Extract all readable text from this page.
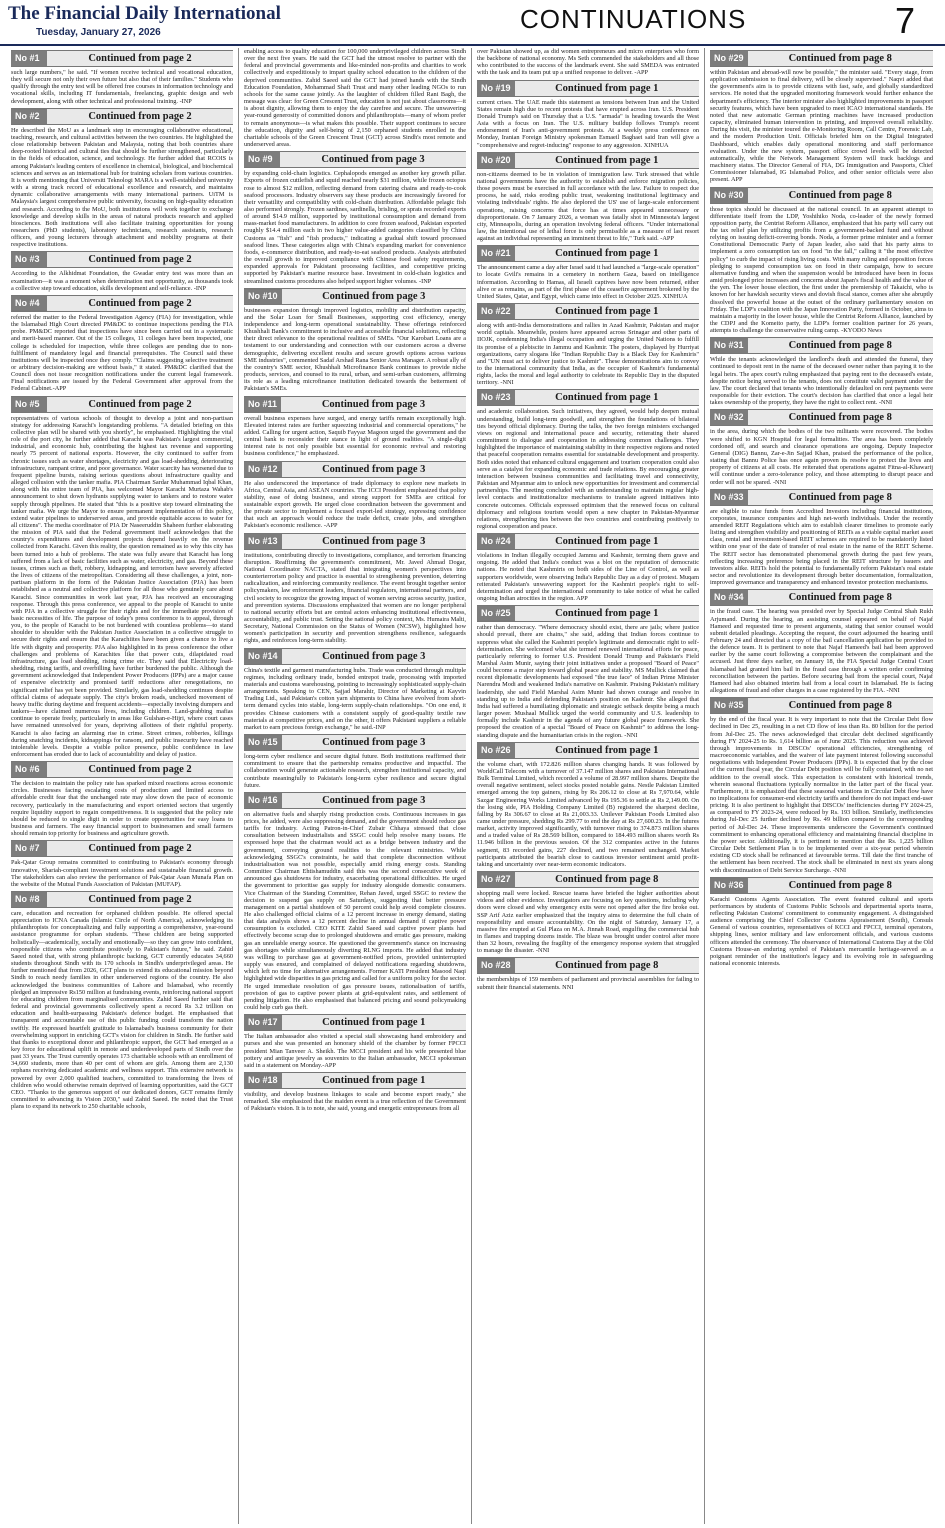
The Financial Daily International
Tuesday, January 27, 2026	CONTINUATIONS	7
No #1	Continued from page 2
such large numbers," he said. "If women receive technical and vocational education, they will secure not only their own future but also that of their families." Students who qualify through the entry test will be offered free courses in information technology and vocational skills, including IT fundamentals, freelancing, graphic design and web development, along with other technical and professional training. -INP
No #2	Continued from page 2
He described the MoU as a landmark step in encouraging collaborative educational, teaching, research, and cultural activities between the two countries. He highlighted the close relationship between Pakistan and Malaysia, noting that both countries share deep-rooted historical and cultural ties that should be further strengthened, particularly in the fields of education, science, and technology. He further added that RCOIS is among Pakistan's leading centers of excellence in chemical, biological, and biochemical sciences and serves as an international hub for training scholars from various countries. It is worth mentioning that Universiti Teknologi MARA is a well-established university with a strong track record of educational excellence and research, and maintains dynamic collaborative arrangements with many international partners. UiTM is Malaysia's largest comprehensive public university, focusing on high-quality education and research. According to the MoU, both institutions will work together to exchange knowledge and develop skills in the areas of natural products research and applied biosciences. Both institutions will also facilitate training opportunities for young researchers (PhD students), laboratory technicians, research assistants, research officers, and young lecturers through attachment and mobility programs at their respective institutions.
No #3	Continued from page 2
According to the Alkhidmat Foundation, the Gwadar entry test was more than an examination—it was a moment when determination met opportunity, as thousands took a collective step toward education, skills development and self-reliance. -INP
No #4	Continued from page 2
referred the matter to the Federal Investigation Agency (FIA) for investigation, while the Islamabad High Court directed PM&DC to continue inspections pending the FIA probe. PM&DC reported that inspections have since been carried out in a systematic and merit-based manner. Out of the 15 colleges, 11 colleges have been inspected, one college is scheduled for inspection, while three colleges are pending due to non-fulfillment of mandatory legal and financial prerequisites. The Council said these institutions will be inspected once they comply. "Claims suggesting selective treatment or arbitrary decision-making are without basis," it stated. PM&DC clarified that the Council does not issue recognition notifications under the current legal framework. Final notifications are issued by the Federal Government after approval from the Federal Cabinet.-APP
No #5	Continued from page 2
representatives of various schools of thought to develop a joint and non-partisan strategy for addressing Karachi's longstanding problems. "A detailed briefing on this collective plan will be shared with you shortly", he emphasised. Highlighting the vital role of the port city, he further added that Karachi was Pakistan's largest commercial, industrial, and economic hub, contributing the highest tax revenue and supporting nearly 75 percent of national exports. However, the city continued to suffer from chronic issues such as water shortages, electricity and gas load-shedding, deteriorating infrastructure, rampant crime, and poor governance. Water scarcity has worsened due to frequent pipeline bursts, raising serious questions about infrastructure quality and alleged collusion with the tanker mafia. PIA Chairman Sardar Muhammad Iqbal Khan, along with his entire team of PIA, has welcomed Mayor Karachi Murtaza Wahab's announcement to shut down hydrants supplying water to tankers and to restore water supply through pipelines. He stated that "this is a positive step toward eliminating the tanker mafia. We urge the Mayor to ensure permanent implementation of this policy, extend water pipelines to underserved areas, and provide equitable access to water for all citizens". The media coordinator of PIA Dr Naseeruddin Shaheen further elaborating the mission of PIA said that the Federal government itself acknowledges that the country's expenditures and development projects depend heavily on the revenue collected from Karachi. Given this reality, the question remained as to why this city has been turned into a hub of problems. The state was fully aware that Karachi has long suffered from a lack of basic facilities such as water, electricity, and gas. Beyond these issues, crimes such as theft, robbery, kidnapping, and terrorism have severely affected the lives of citizens of the metropolitan. Considering all these challenges, a joint, non-partisan platform in the form of the Pakistan Justice Association (PJA) has been established as a neutral and collective platform for all those who genuinely care about Karachi. Since communities in work last year, PJA has received an encouraging response. Through this press conference, we appeal to the people of Karachi to unite with PJA in a collective struggle for their rights and for the immediate provision of basic necessities of life. The purpose of today's press conference is to appeal, through you, to the people of Karachi to be not burdened with countless problems—to stand shoulder to shoulder with the Pakistan Justice Association in a collective struggle to secure their rights and ensure that the Karachiites have been given a chance to live a life with dignity and prosperity. PJA also highlighted in its press conference the other challenges and problems of Karachites like that power cuts, dilapidated road infrastructure, gas load shedding, rising crime etc. They said that Electricity load-shedding, rising tariffs, and overbilling have further burdened the public. Although the government acknowledged that Independent Power Producers (IPPs) are a major cause of expensive electricity and promised tariff reductions after renegotiations, no significant relief has yet been provided. Similarly, gas load-shedding continues despite official claims of adequate supply. The city's broken roads, unchecked movement of heavy traffic during daytime and frequent accidents—especially involving dumpers and tankers—have claimed numerous lives, including children. Land-grabbing mafias continue to operate freely, particularly in areas like Gulshan-e-Hijri, where court cases have remained unresolved for years, depriving allottees of their rightful property. Karachi is also facing an alarming rise in crime. Street crimes, robberies, killings during snatching incidents, kidnappings for ransom, and public insecurity have reached intolerable levels. Despite a visible police presence, public confidence in law enforcement has eroded due to lack of accountability and delay of justice.
No #6	Continued from page 2
The decision to maintain the policy rate has sparked mixed reactions across economic circles. Businesses facing escalating costs of production and limited access to affordable credit fear that the unchanged rate may slow down the pace of economic recovery, particularly in the manufacturing and export oriented sectors that urgently require liquidity support to regain competitiveness. It is suggested that the policy rate should be reduced to single digit in order to create opportunities for easy loans to business and farmers. The easy financial support to businessmen and small farmers should remain top priority for business and agriculture growth.
No #7	Continued from page 2
Pak-Qatar Group remains committed to contributing to Pakistan's economy through innovative, Shariah-compliant investment solutions and sustainable financial growth. The stakeholders can also review the performance of Pak-Qatar Asan Munafa Plan on the website of the Mutual Funds Association of Pakistan (MUFAP).
No #8	Continued from page 2
care, education and recreation for orphaned children possible. He offered special appreciation to ICNA Canada (Islamic Circle of North America), acknowledging its philanthropists for conceptualizing and fully supporting a comprehensive, year-round assistance programme for orphan students. "These children are being supported holistically—academically, socially and emotionally—so they can grow into confident, responsible citizens who contribute positively to Pakistan's future," he said. Zahid Saeed noted that, with strong philanthropic backing, GCT currently educates 34,660 students throughout Sindh with its 170 schools in Sindh's underprivileged areas. He further mentioned that from 2026, GCT plans to extend its educational mission beyond Sindh to reach needy families in other underserved regions of the country. He also acknowledged the business communities of Lahore and Islamabad, who recently pledged an impressive Rs150 million at fundraising events, reinforcing national support for educating children from marginalised communities. Zahid Saeed further said that federal and provincial governments collectively spent a record Rs 3.2 trillion on education and health-surpassing Pakistan's defence budget. He emphasised that transparent and accountable use of this public funding could transform the nation swiftly. He expressed heartfelt gratitude to Islamabad's business community for their overwhelming support in enriching GCT's vision for children in Sindh. He further said that thanks to exceptional donor and philanthropic support, the GCT had emerged as a key force for educational uplift in remote and underdeveloped parts of Sindh over the past 33 years. The Trust currently operates 173 charitable schools with an enrollment of 34,660 students, more than 40 per cent of whom are girls. Among them are 2,130 orphans receiving dedicated academic and wellness support. This extensive network is powered by over 2,000 qualified teachers, committed to transforming the lives of children who would otherwise remain deprived of learning opportunities, said the GCT CEO. "Thanks to the generous support of our dedicated donors, GCT remains firmly committed to advancing its Vision 2030," said Zahid Saeed. He noted that the Trust plans to expand its network to 250 charitable schools,
enabling access to quality education for 100,000 underprivileged children across Sindh over the next five years. He said the GCT had the utmost resolve to partner with the federal and provincial governments and like-minded non-profits and charities to work collectively and expeditiously to impart quality school education to the children of the deprived communities. Zahid Saeed said the GCT had joined hands with the Sindh Education Foundation, Mohammad Shafi Trust and many other leading NGOs to run schools for the same cause jointly. As the laughter of children filled Rani Bagh, the message was clear: for Green Crescent Trust, education is not just about classrooms—it is about dignity, allowing them to enjoy the day carefree and secure. The unwavering year-round generosity of committed donors and philanthropists—many of whom prefer to remain anonymous—is what makes this possible. Their support continues to secure the education, dignity and self-being of 2,150 orphaned students enrolled in the charitable schools of the Green Crescent Trust (GCT) across Sindh's most remote and underserved areas.
No #9	Continued from page 3
by expanding cold-chain logistics. Cephalopods emerged as another key growth pillar. Exports of frozen cuttlefish and squid reached nearly $31 million, while frozen octopus rose to almost $12 million, reflecting demand from catering chains and ready-to-cook seafood processors. Industry observers say these products are increasingly favored for their versatility and compatibility with cold-chain distribution. Affordable pelagic fish also performed strongly. Frozen sardines, sardinella, brisling, or sprats recorded exports of around $14.9 million, supported by institutional consumption and demand from mass-market food manufacturers. In addition to core frozen seafood, Pakistan exported roughly $14.4 million each in two higher value-added categories classified by China Customs as "fish" and "fish products," indicating a gradual shift toward processed seafood lines. These categories align with China's expanding market for convenience foods, e-commerce distribution, and ready-to-eat seafood products. Analysts attributed the overall growth to improved compliance with Chinese food safety requirements, expanded approvals for Pakistani processing facilities, and competitive pricing supported by Pakistan's marine resource base. Investment in cold-chain logistics and streamlined customs procedures also helped support higher volumes. -INP
No #10	Continued from page 3
businesses expansion through improved logistics, mobility and distribution capacity, and the Solar Loan for Small Businesses, supporting cost efficiency, energy independence and long-term operational sustainability. These offerings reinforced Khushhali Bank's commitment to inclusive and accessible financial solutions, reflecting their direct relevance to the operational realities of SMEs. "Our Karobari Loans are a testament to our understanding and connection with our customers across a diverse demographic, delivering excellent results and secure growth options across various SME industries", commented Sadaf Arshad Rana Senior Area Manager. A robust ally of the country's SME sector, Khushhali Microfinance Bank continues to provide niche products, services, and counsel to its rural, urban, and semi-urban customers, affirming its role as a leading microfinance institution dedicated towards the betterment of Pakistan's SMEs.
No #11	Continued from page 3
overall business expenses have surged, and energy tariffs remain exceptionally high. Elevated interest rates are further squeezing industrial and commercial operations," he added. Calling for urgent action, Saquib Fayyaz Magoon urged the government and the central bank to reconsider their stance in light of ground realities. "A single-digit interest rate is not only possible but essential for economic revival and restoring business confidence," he emphasized.
No #12	Continued from page 3
He also underscored the importance of trade diplomacy to explore new markets in Africa, Central Asia, and ASEAN countries. The ICCI President emphasized that policy stability, ease of doing business, and strong support for SMEs are critical for sustainable export growth. He urged close coordination between the government and the private sector to implement a focused export-led strategy, expressing confidence that such an approach would reduce the trade deficit, create jobs, and strengthen Pakistan's economic resilience. -APP
No #13	Continued from page 3
institutions, contributing directly to investigations, compliance, and terrorism financing disruption. Reaffirming the government's commitment, Mr. Javed Ahmad Dogar, National Coordinator NACTA, stated that integrating women's perspectives into counterterrorism policy and practice is essential to strengthening prevention, deterring radicalization, and reinforcing community resilience. The event brought together senior policymakers, law enforcement leaders, financial regulators, international partners, and civil society to recognize the growing impact of women serving across security, justice, and prevention systems. Discussions emphasized that women are no longer peripheral to national security efforts but are central actors enhancing institutional effectiveness, accountability, and public trust. Setting the national policy context, Ms. Humaira Malti, Secretary, National Commission on the Status of Women (NCSW), highlighted how women's participation in security and prevention strengthens resilience, safeguards rights, and reinforces long-term stability.
No #14	Continued from page 3
China's textile and garment manufacturing hubs. Trade was conducted through multiple regimes, including ordinary trade, bonded entrepot trade, processing with imported materials and customs warehousing, pointing to increasingly sophisticated supply-chain arrangements. Speaking to CEN, Sajjad Marahir, Director of Marketing at Kayvin Trading Ltd., said Pakistan's cotton yarn shipments to China have evolved from short-term demand cycles into stable, long-term supply-chain relationships. "On one end, it provides Chinese customers with a consistent supply of good-quality textile raw materials at competitive prices, and on the other, it offers Pakistani suppliers a reliable market to earn precious foreign exchange," he said.-INP
No #15	Continued from page 3
long-term cyber resilience and secure digital future. Both institutions reaffirmed their commitment to ensure that the partnership remains productive and impactful. The collaboration would generate actionable research, strengthen institutional capacity, and contribute meaningfully to Pakistan's long-term cyber resilience and secure digital future.
No #16	Continued from page 3
on alternative fuels and sharply rising production costs. Continuous increases in gas prices, he added, were also suppressing demand, and the government should reduce gas tariffs for industry. Acting Patron-in-Chief Zubair Chhaya stressed that close consultation between industrialists and SSGC could help resolve many issues. He expressed hope that the chairman would act as a bridge between industry and the government, conveying ground realities to the relevant ministries. While acknowledging SSGC's constraints, he said that complete disconnection without industrialisation was not possible, especially amid rising energy costs. Standing Committee Chairman Ehtishamuddin said this was the second consecutive week of announced gas shutdowns for industry, exacerbating operational difficulties. He urged the government to prioritise gas supply for industry alongside domestic consumers. Vice Chairman of the Standing Committee, Rehan Javed, urged SSGC to review the decision to suspend gas supply on Saturdays, suggesting that better pressure management on a partial shutdown of 50 percent could help avoid complete closures. He also challenged official claims of a 12 percent increase in energy demand, stating that data analysis shows a 12 percent decline in annual demand if captive power consumption is excluded. CEO KITE Zahid Saeed said captive power plants had effectively become scrap due to prolonged shutdowns and erratic gas pressure, making gas an unreliable energy source. He questioned the government's stance on increasing gas shortages while simultaneously diverting RLNG imports. He added that industry was willing to purchase gas at government-notified prices, provided uninterrupted supply was ensured, and complained of delayed notifications regarding shutdowns, which left no time for alternative arrangements. Former KATI President Masood Naqi highlighted wide disparities in gas pricing and called for a uniform policy for the sector. He urged immediate resolution of gas pressure issues, rationalisation of tariffs, provision of gas to captive power plants at grid-equivalent rates, and settlement of pending litigation. He also emphasised that balanced pricing and sound policymaking could help curb gas theft.
No #17	Continued from page 1
The Italian ambassador also visited a special stall showcasing hand embroidery and purses and she was presented an honorary shield of the chamber by former FPCCI president Mian Tanveer A. Sheikh. The MCCI president and his wife presented blue pottery and antique jewelry as souvenirs to the Italian ambassador, MCCI spokesman said in a statement on Monday.-APP
No #18	Continued from page 1
visibility, and develop business linkages to scale and become export ready," she remarked. She emphasized that the maiden event is a true reflection of the Government of Pakistan's vision. It is to note, she said, young and energetic entrepreneurs from all
over Pakistan showed up, as did women entrepreneurs and micro enterprises who form the backbone of national economy. Ms Seth commended the stakeholders and all those who contributed to the success of the landmark event. She said SMEDA was entrusted with the task and its team put up a unified response to deliver. -APP
No #19	Continued from page 1
current crises. The UAE made this statement as tensions between Iran and the United States remain high due to recent protests that have erupted across Iran. U.S. President Donald Trump's said on Thursday that a U.S. "armada" is heading towards the West Asia with a focus on Iran. The U.S. military buildup follows Trump's recent endorsement of Iran's anti-government protests. At a weekly press conference on Monday, Iranian Foreign Ministry spokesman Esmaeil Baghaei said Iran will give a "comprehensive and regret-inducing" response to any aggression. XINHUA
No #20	Continued from page 1
non-citizens deemed to be in violation of immigration law. Turk stressed that while national governments have the authority to establish and enforce migration policies, those powers must be exercised in full accordance with the law. Failure to respect due process, he said, risks eroding public trust, weakening institutional legitimacy and violating individuals' rights. He also deplored the US' use of large-scale enforcement operations, raising concerns that force has at times appeared unnecessary or disproportionate. On 7 January 2026, a woman was fatally shot in Minnesota's largest city, Minneapolis, during an operation involving federal officers. "Under international law, the intentional use of lethal force is only permissible as a measure of last resort against an individual representing an imminent threat to life," Turk said. -APP
No #21	Continued from page 1
The announcement came a day after Israel said it had launched a "large-scale operation" to locate Gvili's remains in a cemetery in northern Gaza, based on intelligence information. According to Hamas, all Israeli captives have now been returned, either alive or as remains, as part of the first phase of the ceasefire agreement brokered by the United States, Qatar, and Egypt, which came into effect in October 2025. XINHUA
No #22	Continued from page 1
along with anti-India demonstrations and rallies in Azad Kashmir, Pakistan and major world capitals. Meanwhile, posters have appeared across Srinagar and other parts of IIOJK, condemning India's illegal occupation and urging the United Nations to fulfill its promise of a plebiscite in Jammu and Kashmir. The posters, displayed by Hurriyat organizations, carry slogans like "Indian Republic Day is a Black Day for Kashmiris" and "UN must act to deliver justice to Kashmir". These demonstrations aim to convey to the international community that India, as the occupier of Kashmir's fundamental rights, lacks the moral and legal authority to celebrate its Republic Day in the disputed territory. -NNI
No #23	Continued from page 1
and academic collaboration. Such initiatives, they agreed, would help deepen mutual understanding, build long-term goodwill, and strengthen the foundations of bilateral ties beyond official diplomacy. During the talks, the two foreign ministers exchanged views on regional and international peace and security, reiterating their shared commitment to dialogue and cooperation in addressing common challenges. They highlighted the importance of maintaining stability in their respective regions and noted that peaceful cooperation remains essential for sustainable development and prosperity. Both sides noted that enhanced cultural engagement and tourism cooperation could also serve as a catalyst for expanding economic and trade relations. By encouraging greater interaction between business communities and facilitating travel and connectivity, Pakistan and Myanmar aim to unlock new opportunities for investment and commercial partnerships. The meeting concluded with an understanding to maintain regular high-level contacts and institutionalize mechanisms to translate agreed initiatives into concrete outcomes. Officials expressed optimism that the renewed focus on cultural diplomacy and religious tourism would open a new chapter in Pakistan-Myanmar relations, strengthening ties between the two countries and contributing positively to regional cooperation and peace.
No #24	Continued from page 1
violations in Indian illegally occupied Jammu and Kashmir, terming them grave and ongoing. He added that India's conduct was a blot on the reputation of democratic nations. He noted that Kashmiris on both sides of the Line of Control, as well as supporters worldwide, were observing India's Republic Day as a day of protest. Muqam reiterated Pakistan's unwavering support for the Kashmiri people's right to self-determination and urged the international community to take notice of what he called ongoing Indian atrocities in the region. APP
No #25	Continued from page 1
rather than democracy. "Where democracy should exist, there are jails; where justice should prevail, there are chains," she said, adding that Indian forces continue to suppress what she called the Kashmiri people's legitimate and democratic right to self-determination. She welcomed what she termed renewed international efforts for peace, particularly referring to former U.S. President Donald Trump and Pakistan's Field Marshal Asim Munir, saying their joint initiatives under a proposed "Board of Peace" could become a major step toward global peace and stability. MS Mullick claimed that recent diplomatic developments had exposed "the true face" of Indian Prime Minister Narendra Modi and weakened India's narrative on Kashmir. Praising Pakistan's military leadership, she said Field Marshal Asim Munir had shown courage and resolve in standing up to India and defending Pakistan's position on Kashmir. She alleged that India had suffered a humiliating diplomatic and strategic setback despite being a much larger power. Mushaal Mullick urged the world community and U.S. leadership to formally include Kashmir in the agenda of any future global peace framework. She proposed the creation of a special "Board of Peace on Kashmir" to address the long-standing dispute and the humanitarian crisis in the region. -NNI
No #26	Continued from page 1
the volume chart, with 172.826 million shares changing hands. It was followed by WorldCall Telecom with a turnover of 37.147 million shares and Pakistan International Bulk Terminal Limited, which recorded a volume of 28.997 million shares. Despite the overall negative sentiment, select stocks posted notable gains. Nestle Pakistan Limited emerged among the top gainers, rising by Rs 206.12 to close at Rs 7,970.64, while Sazgar Engineering Works Limited advanced by Rs 195.36 to settle at Rs 2,149.00. On the losing side, PIA Holding Company Limited (B) registered the sharpest decline, falling by Rs 306.67 to close at Rs 21,003.33. Unilever Pakistan Foods Limited also came under pressure, shedding Rs 299.77 to end the day at Rs 27,600.23. In the futures market, activity improved significantly, with turnover rising to 374.873 million shares and a traded value of Rs 28.569 billion, compared to 184.493 million shares worth Rs 11.946 billion in the previous session. Of the 312 companies active in the futures segment, 83 recorded gains, 227 declined, and two remained unchanged. Market participants attributed the bearish close to cautious investor sentiment amid profit-taking and uncertainty over near-term economic indicators.
No #27	Continued from page 8
shopping mall were locked. Rescue teams have briefed the higher authorities about videos and other evidence. Investigators are focusing on key questions, including why doors were closed and why emergency exits were not opened after the fire broke out. SSP Arif Aziz earlier emphasized that the inquiry aims to determine the full chain of responsibility and ensure accountability. On the night of Saturday, January 17, a massive fire erupted at Gul Plaza on M.A. Jinnah Road, engulfing the commercial hub in flames and trapping dozens inside. The blaze was brought under control after more than 32 hours, revealing the fragility of the emergency response system that struggled to manage the disaster. -NNI
No #28	Continued from page 8
the memberships of 159 members of parliament and provincial assemblies for failing to submit their financial statements. NNI
No #29	Continued from page 8
within Pakistan and abroad-will now be possible," the minister said. "Every stage, from application submission to final delivery, will be closely supervised." Naqvi added that the government's aim is to provide citizens with fast, safe, and globally standardized services. He noted that the upgraded monitoring framework would further enhance the department's efficiency. The interior minister also highlighted improvements in passport security features, which have been upgraded to meet ICAO international standards. He noted that new automatic German printing machines have increased production capacity, eliminated human intervention in printing, and improved overall reliability. During his visit, the minister toured the e-Monitoring Room, Call Centre, Forensic Lab, and the modern Production Unit. Officials briefed him on the Digital Integrated Dashboard, which enables daily operational monitoring and staff performance evaluation. Under the new system, passport office crowd levels will be detected automatically, while the Network Management System will track backlogs and machinery status. The Director General of FIA, DG Immigration and Passports, Chief Commissioner Islamabad, IG Islamabad Police, and other senior officials were also present. APP
No #30	Continued from page 8
those topics should be discussed at the national council. In an apparent attempt to differentiate itself from the LDP, Yoshihiko Noda, co-leader of the newly formed opposition party, the Centrist Reform Alliance, emphasized that his party will carry out the tax relief plan by utilizing profits from a government-backed fund and without relying on issuing deficit-covering bonds. Noda, a former prime minister and a former Constitutional Democratic Party of Japan leader, also said that his party aims to implement a zero consumption tax on food "in the fall," calling it "the most effective policy" to curb the impact of rising living costs. With many ruling and opposition forces pledging to suspend consumption tax on food in their campaign, how to secure alternative funding and when the suspension would be introduced have been in focus amid prolonged price increases and concerns about Japan's fiscal health and the value of the yen. The lower house election, the first under the premiership of Takaichi, who is known for her hawkish security views and dovish fiscal stance, comes after she abruptly dissolved the powerful house at the outset of the ordinary parliamentary session on Friday. The LDP's coalition with the Japan Innovation Party, formed in October, aims to maintain a majority in the lower house, while the Centrist Reform Alliance, launched by the CDPJ and the Komeito party, the LDP's former coalition partner for 26 years, attempts to challenge the conservative ruling camp. -KYODO News
No #31	Continued from page 8
While the tenants acknowledged the landlord's death and attended the funeral, they continued to deposit rent in the name of the deceased owner rather than paying it to the legal heirs. The apex court's ruling emphasized that paying rent to the deceased's estate, despite notice being served to the tenants, does not constitute valid payment under the law. The court declared that tenants who intentionally defaulted on rent payments were responsible for their eviction. The court's decision has clarified that once a legal heir takes ownership of the property, they have the right to collect rent. -NNI
No #32	Continued from page 8
in the area, during which the bodies of the two militants were recovered. The bodies were shifted to KGN Hospital for legal formalities. The area has been completely cordoned off, and search and clearance operations are ongoing. Deputy Inspector General (DIG) Bannu, Zar-e-Jin Sajjad Khan, praised the performance of the police, stating that Bannu Police has once again proven its resolve to protect the lives and property of citizens at all costs. He reiterated that operations against Fitna-al-Khawarij will continue under a zero-tolerance policy, and those attempting to disrupt peace and order will not be spared. -NNI
No #33	Continued from page 8
are eligible to raise funds from Accredited Investors including financial institutions, corporates, insurance companies and high net-worth individuals. Under the recently amended REIT Regulations which aim to establish clearer timelines to promote early listing and strengthen visibility and positioning of REITs as a viable capital market asset class, rental and investment-based REIT schemes are required to be mandatorily listed within one year of the date of transfer of real estate in the name of the REIT Scheme. The REIT sector has demonstrated phenomenal growth during the past few years, reflecting increasing preference being placed in the REIT structure by issuers and investors alike. REITs hold the potential to fundamentally reform Pakistan's real estate sector and revolutionize its development through better documentation, formalization, improved governance and transparency and enhanced investor protection mechanisms.
No #34	Continued from page 8
in the fraud case. The hearing was presided over by Special Judge Central Shah Rukh Arjumand. During the hearing, an assisting counsel appeared on behalf of Najaf Hameed and requested time to present arguments, stating that senior counsel would submit detailed pleadings. Accepting the request, the court adjourned the hearing until February 24 and directed that a copy of the bail cancellation application be provided to the defence team. It is pertinent to note that Najaf Hameed's bail had been approved earlier by the same court following a compromise between the complainant and the accused. Just three days earlier, on January 18, the FIA Special Judge Central Court Islamabad had granted him bail in the fraud case through a written order confirming reconciliation between the parties. Before securing bail from the special court, Najaf Hameed had also obtained interim bail from a local court in Islamabad. He is facing allegations of fraud and other charges in a case registered by the FIA. -NNI
No #35	Continued from page 8
by the end of the fiscal year. It is very important to note that the Circular Debt flow declined in Dec 25, resulting in a net CD flow of less than Rs. 80 billion for the period from Jul-Dec 25. The news acknowledged that circular debt declined significantly during FY 2024-25 to Rs. 1,614 billion as of June 2025. This reduction was achieved through improvements in DISCOs' operational efficiencies, strengthening of macroeconomic variables, and the waiver of late payment interest following successful negotiations with Independent Power Producers (IPPs). It is expected that by the close of the current fiscal year, the Circular Debt position will be fully contained, with no net addition to the overall stock. This expectation is consistent with historical trends, wherein seasonal fluctuations typically normalize in the latter part of the fiscal year. Furthermore, it is emphasized that these seasonal variations in Circular Debt flow have no implications for consumer-end electricity tariffs and therefore do not impact end-user pricing. It is also pertinent to highlight that DISCOs' inefficiencies during FY 2024-25, as compared to FY 2023-24, were reduced by Rs. 193 billion. Similarly, inefficiencies during Jul-Dec 25 further declined by Rs. 49 billion compared to the corresponding period of Jul-Dec 24. These improvements underscore the Government's continued commitment to enhancing operational efficiency and maintaining financial discipline in the power sector. Additionally, it is pertinent to mention that the Rs. 1,225 billion Circular Debt Settlement Plan is to be implemented over a six-year period wherein existing CD stock shall be refinanced at favourable terms. Till date the first tranche of the settlement has been received. The stock shall be eliminated in next six years along with discontinuation of Debt Service Surcharge. -NNI
No #36	Continued from page 8
Karachi Customs Agents Association. The event featured cultural and sports performances by students of Customs Public Schools and departmental sports teams, reflecting Pakistan Customs' commitment to community engagement. A distinguished audience comprising the Chief Collector Customs Appraisement (South), Consuls General of various countries, representatives of KCCI and FPCCI, terminal operators, shipping lines, senior military and law enforcement officials, and various customs officers attended the ceremony. The observance of International Customs Day at the Old Customs House-an enduring symbol of Pakistan's mercantile heritage-served as a poignant reminder of the institution's legacy and its evolving role in safeguarding national economic interests.
